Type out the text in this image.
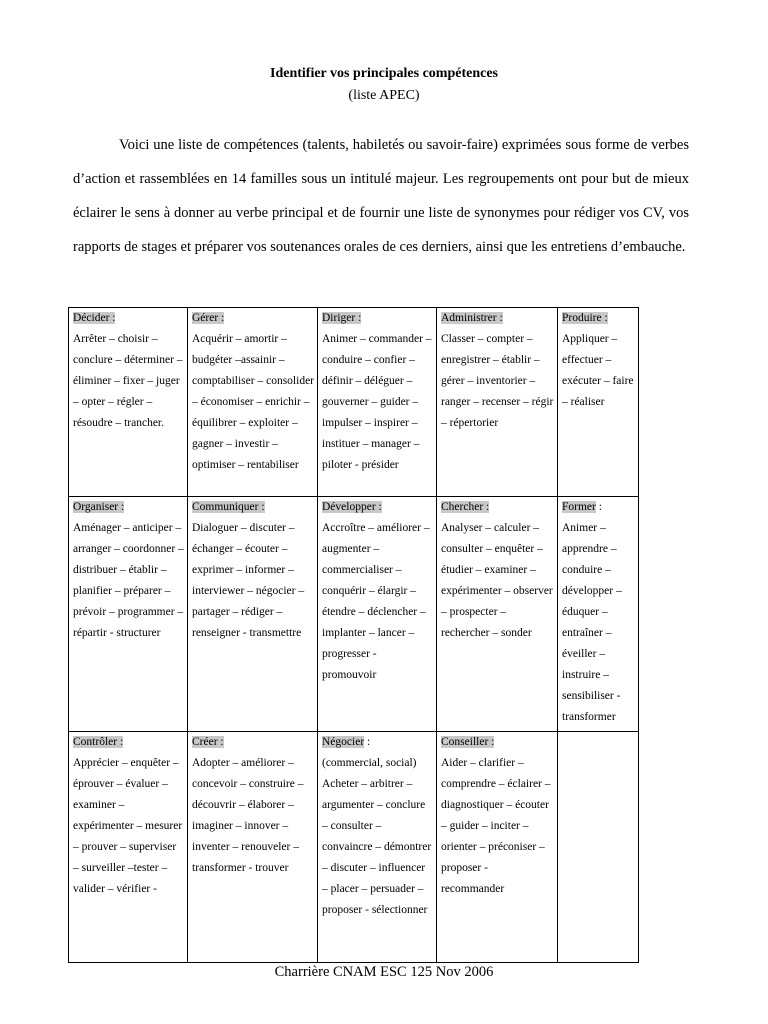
Identifier vos principales compétences
(liste APEC)

Voici une liste de compétences (talents, habiletés ou savoir-faire) exprimées sous forme de verbes d’action et rassemblées en 14 familles sous un intitulé majeur. Les regroupements ont pour but de mieux éclairer le sens à donner au verbe principal et de fournir une liste de synonymes pour rédiger vos CV, vos rapports de stages et préparer vos soutenances orales de ces derniers, ainsi que les entretiens d’embauche.

Décider :
Arrêter – choisir – conclure – déterminer – éliminer – fixer – juger – opter – régler – résoudre – trancher.	Gérer :
Acquérir – amortir – budgéter –assainir – comptabiliser – consolider – économiser – enrichir – équilibrer – exploiter – gagner – investir – optimiser – rentabiliser	Diriger :
Animer – commander – conduire – confier – définir – déléguer – gouverner – guider – impulser – inspirer – instituer – manager – piloter - présider	Administrer :
Classer – compter – enregistrer – établir – gérer – inventorier – ranger – recenser – régir – répertorier	Produire :
Appliquer – effectuer – exécuter – faire – réaliser

Organiser :
Aménager – anticiper – arranger – coordonner – distribuer – établir – planifier – préparer – prévoir – programmer – répartir - structurer	Communiquer :
Dialoguer – discuter – échanger – écouter – exprimer – informer – interviewer – négocier – partager – rédiger – renseigner - transmettre	Développer :
Accroître – améliorer – augmenter – commercialiser – conquérir – élargir – étendre – déclencher – implanter – lancer – progresser - promouvoir	Chercher :
Analyser – calculer – consulter – enquêter – étudier – examiner – expérimenter – observer – prospecter – rechercher – sonder	Former :
Animer – apprendre – conduire – développer – éduquer – entraîner – éveiller – instruire – sensibiliser - transformer

Contrôler :
Apprécier – enquêter – éprouver – évaluer – examiner – expérimenter – mesurer – prouver – superviser – surveiller –tester – valider – vérifier -	Créer :
Adopter – améliorer – concevoir – construire – découvrir – élaborer – imaginer – innover – inventer – renouveler – transformer - trouver	Négocier :
(commercial, social) Acheter – arbitrer – argumenter – conclure – consulter – convaincre – démontrer – discuter – influencer – placer – persuader – proposer - sélectionner	Conseiller :
Aider – clarifier – comprendre – éclairer – diagnostiquer – écouter – guider – inciter – orienter – préconiser – proposer - recommander	

Charrière CNAM ESC 125 Nov 2006
